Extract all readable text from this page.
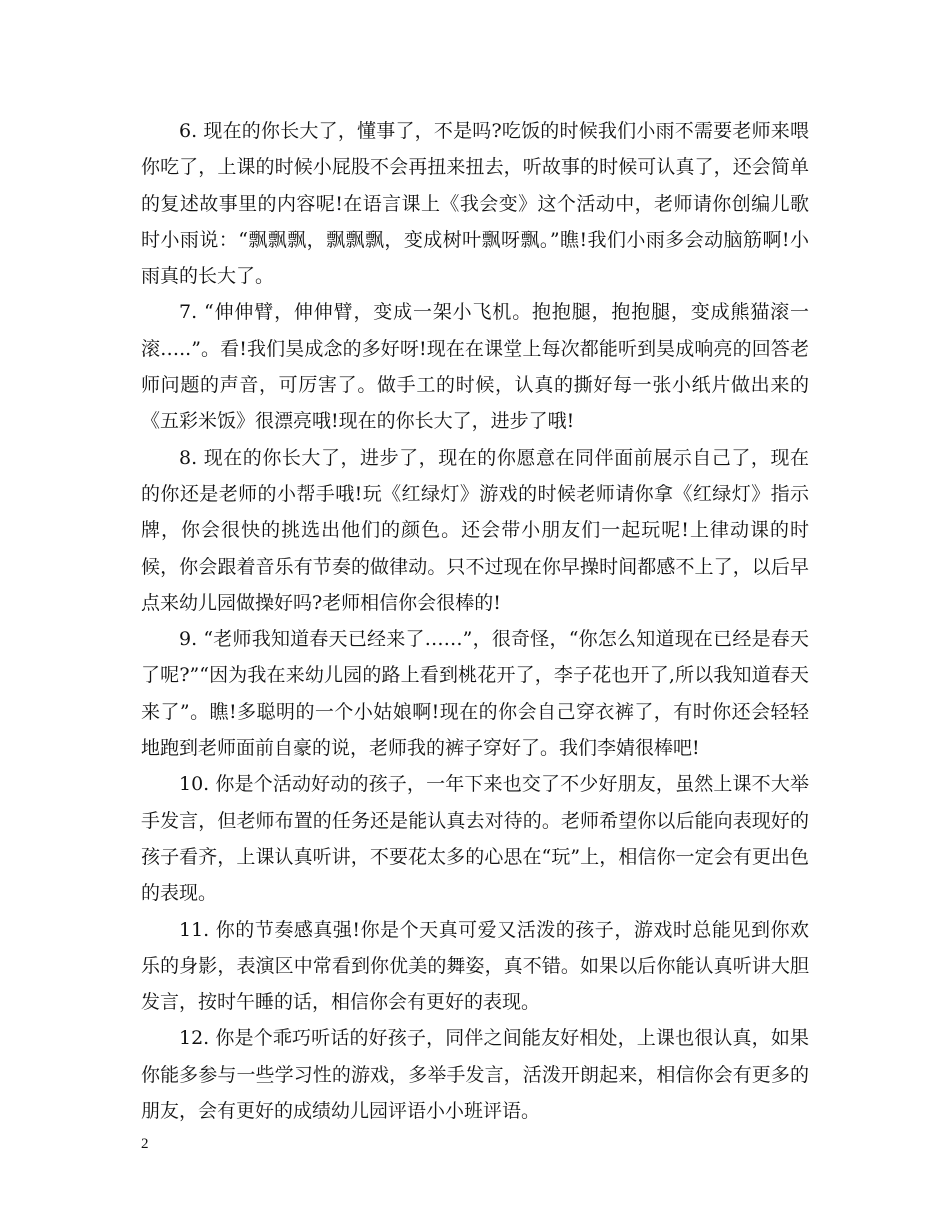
6. 现在的你长大了，懂事了，不是吗?吃饭的时候我们小雨不需要老师来喂你吃了，上课的时候小屁股不会再扭来扭去，听故事的时候可认真了，还会简单的复述故事里的内容呢!在语言课上《我会变》这个活动中，老师请你创编儿歌时小雨说：“飘飘飘，飘飘飘，变成树叶飘呀飘。”瞧!我们小雨多会动脑筋啊!小雨真的长大了。

7. “伸伸臂，伸伸臂，变成一架小飞机。抱抱腿，抱抱腿，变成熊猫滚一滚…..”。看!我们昊成念的多好呀!现在在课堂上每次都能听到昊成响亮的回答老师问题的声音，可厉害了。做手工的时候，认真的撕好每一张小纸片做出来的《五彩米饭》很漂亮哦!现在的你长大了，进步了哦!

8. 现在的你长大了，进步了，现在的你愿意在同伴面前展示自己了，现在的你还是老师的小帮手哦!玩《红绿灯》游戏的时候老师请你拿《红绿灯》指示牌，你会很快的挑选出他们的颜色。还会带小朋友们一起玩呢!上律动课的时候，你会跟着音乐有节奏的做律动。只不过现在你早操时间都感不上了，以后早点来幼儿园做操好吗?老师相信你会很棒的!

9. “老师我知道春天已经来了……”，很奇怪，“你怎么知道现在已经是春天了呢?”“因为我在来幼儿园的路上看到桃花开了，李子花也开了,所以我知道春天来了”。瞧!多聪明的一个小姑娘啊!现在的你会自己穿衣裤了，有时你还会轻轻地跑到老师面前自豪的说，老师我的裤子穿好了。我们李婧很棒吧!

10. 你是个活动好动的孩子，一年下来也交了不少好朋友，虽然上课不大举手发言，但老师布置的任务还是能认真去对待的。老师希望你以后能向表现好的孩子看齐，上课认真听讲，不要花太多的心思在“玩”上，相信你一定会有更出色的表现。

11. 你的节奏感真强!你是个天真可爱又活泼的孩子，游戏时总能见到你欢乐的身影，表演区中常看到你优美的舞姿，真不错。如果以后你能认真听讲大胆发言，按时午睡的话，相信你会有更好的表现。

12. 你是个乖巧听话的好孩子，同伴之间能友好相处，上课也很认真，如果你能多参与一些学习性的游戏，多举手发言，活泼开朗起来，相信你会有更多的朋友，会有更好的成绩幼儿园评语小小班评语。

2
